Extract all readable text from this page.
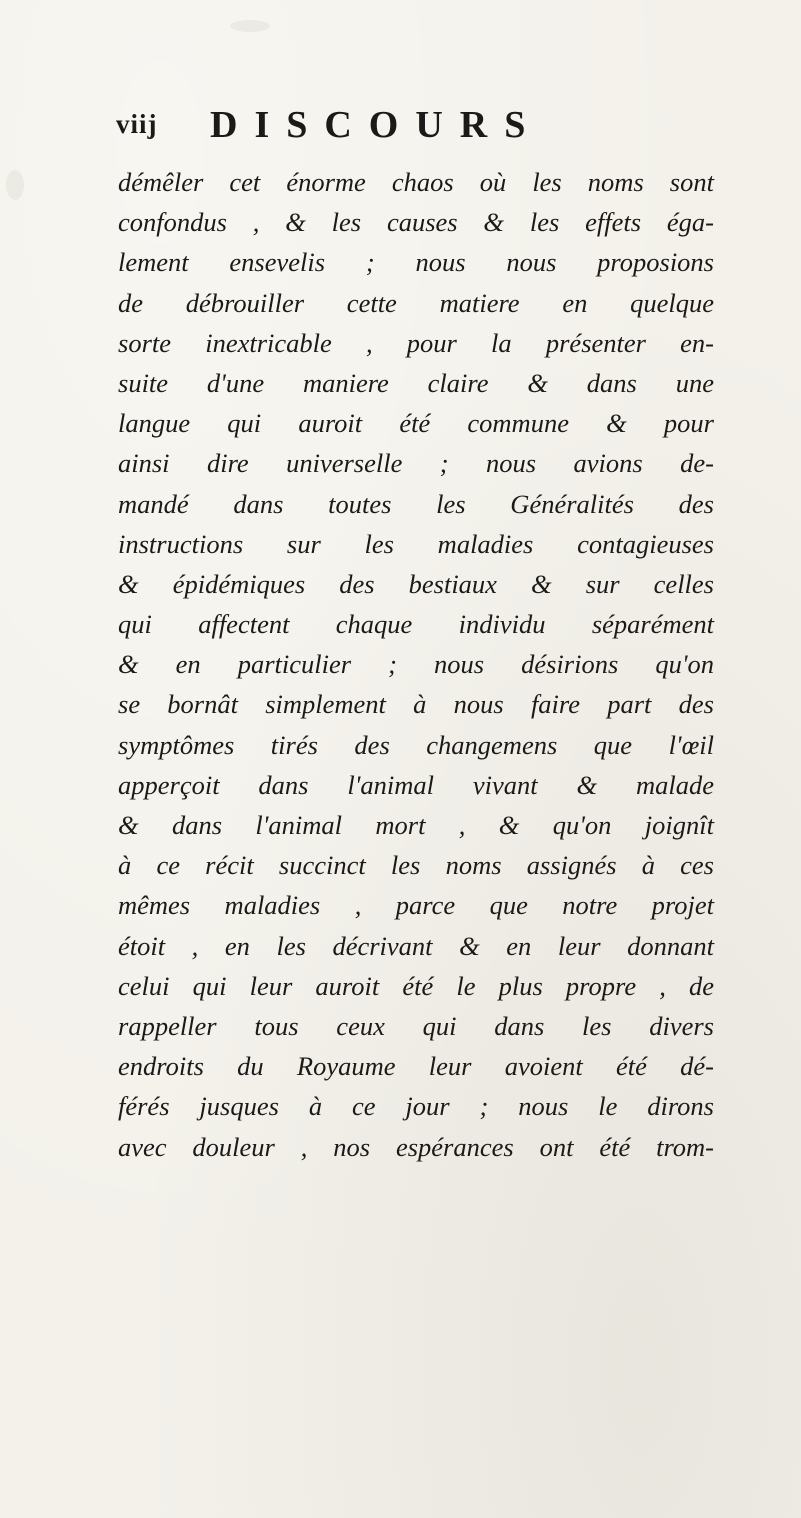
viij DISCOURS
démêler cet énorme chaos où les noms sont
confondus , & les causes & les effets éga-
lement ensevelis ; nous nous proposions
de débrouiller cette matiere en quelque
sorte inextricable , pour la présenter en-
suite d'une maniere claire & dans une
langue qui auroit été commune & pour
ainsi dire universelle ; nous avions de-
mandé dans toutes les Généralités des
instructions sur les maladies contagieuses
& épidémiques des bestiaux & sur celles
qui affectent chaque individu séparément
& en particulier ; nous désirions qu'on
se bornât simplement à nous faire part des
symptômes tirés des changemens que l'œil
apperçoit dans l'animal vivant & malade
& dans l'animal mort , & qu'on joignît
à ce récit succinct les noms assignés à ces
mêmes maladies , parce que notre projet
étoit , en les décrivant & en leur donnant
celui qui leur auroit été le plus propre , de
rappeller tous ceux qui dans les divers
endroits du Royaume leur avoient été dé-
férés jusques à ce jour ; nous le dirons
avec douleur , nos espérances ont été trom-
